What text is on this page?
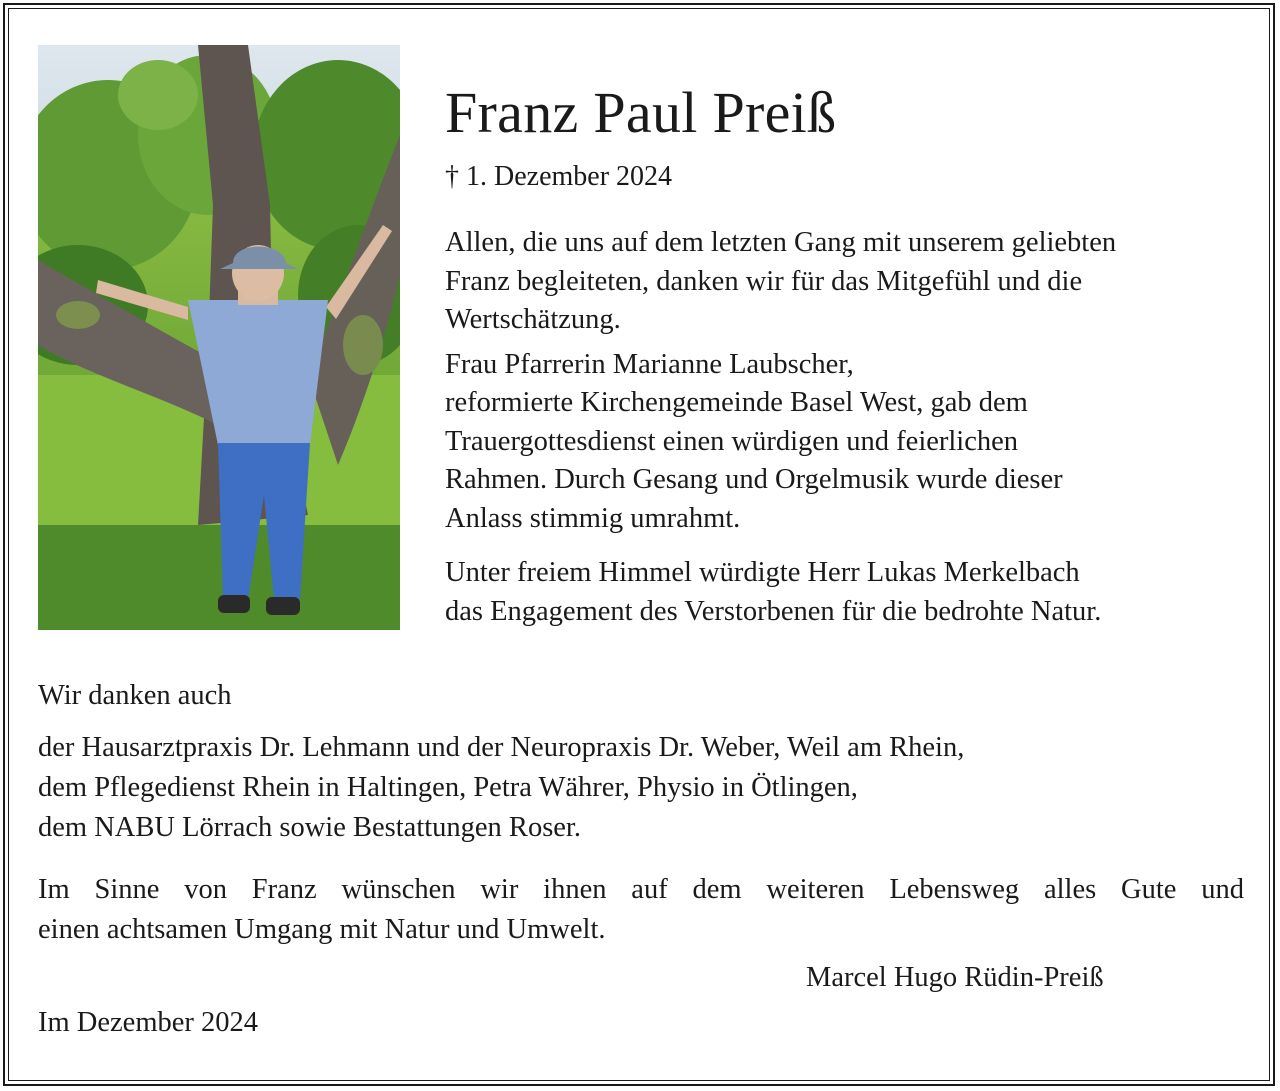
Franz Paul Preiß
† 1. Dezember 2024

Allen, die uns auf dem letzten Gang mit unserem geliebten
Franz begleiteten, danken wir für das Mitgefühl und die
Wertschätzung.

Frau Pfarrerin Marianne Laubscher,
reformierte Kirchengemeinde Basel West, gab dem
Trauergottesdienst einen würdigen und feierlichen
Rahmen. Durch Gesang und Orgelmusik wurde dieser
Anlass stimmig umrahmt.

Unter freiem Himmel würdigte Herr Lukas Merkelbach
das Engagement des Verstorbenen für die bedrohte Natur.

Wir danken auch
der Hausarztpraxis Dr. Lehmann und der Neuropraxis Dr. Weber, Weil am Rhein,
dem Pflegedienst Rhein in Haltingen, Petra Währer, Physio in Ötlingen,
dem NABU Lörrach sowie Bestattungen Roser.
Im Sinne von Franz wünschen wir ihnen auf dem weiteren Lebensweg alles Gute und
einen achtsamen Umgang mit Natur und Umwelt.
Marcel Hugo Rüdin-Preiß
Im Dezember 2024
